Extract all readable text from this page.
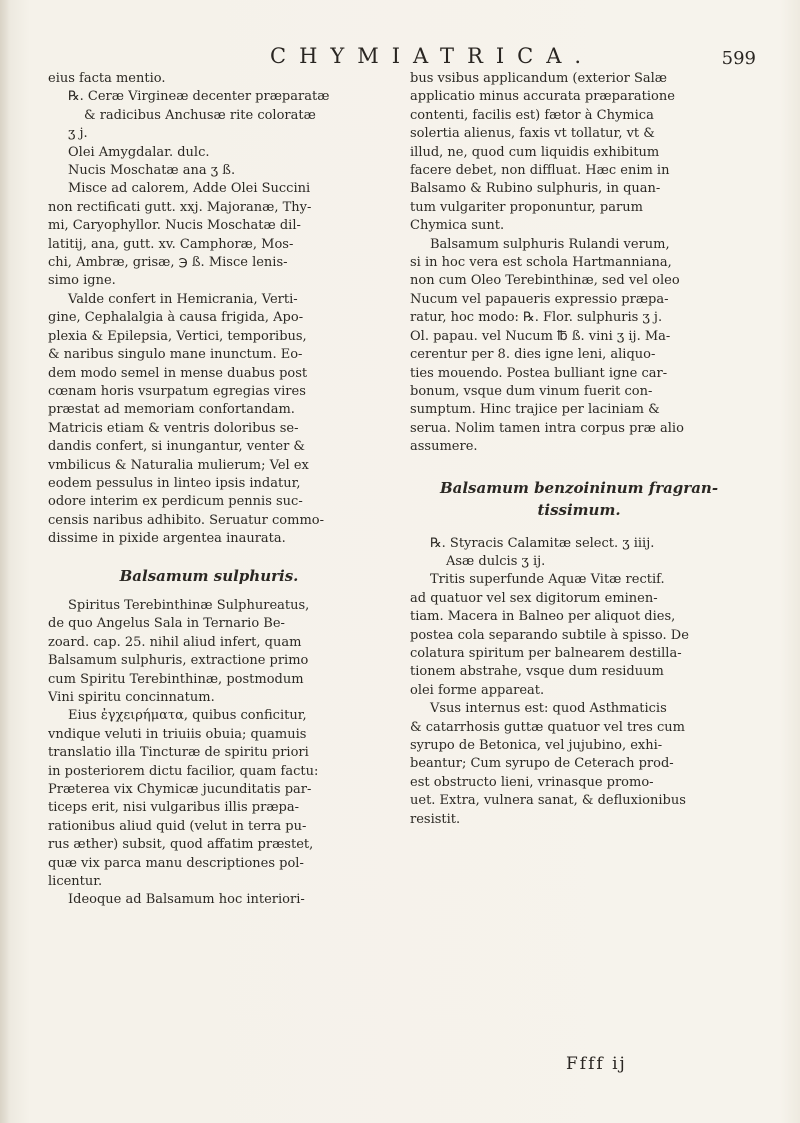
CHYMIATRICA.	599
eius facta mentio.
℞. Ceræ Virgineæ decenter præparatæ
& radicibus Anchusæ rite coloratæ
ʒ j.
Olei Amygdalar. dulc.
Nucis Moschatæ ana ʒ ß.
Misce ad calorem, Adde Olei Succini
non rectificati gutt. xxj. Majoranæ, Thy-
mi, Caryophyllor. Nucis Moschatæ dil-
latitij, ana, gutt. xv. Camphoræ, Mos-
chi, Ambræ, grisæ, ℈ ß. Misce lenis-
simo igne.
Valde confert in Hemicrania, Verti-
gine, Cephalalgia à causa frigida, Apo-
plexia & Epilepsia, Vertici, temporibus,
& naribus singulo mane inunctum. Eo-
dem modo semel in mense duabus post
cœnam horis vsurpatum egregias vires
præstat ad memoriam confortandam.
Matricis etiam & ventris doloribus se-
dandis confert, si inungantur, venter &
vmbilicus & Naturalia mulierum; Vel ex
eodem pessulus in linteo ipsis indatur,
odore interim ex perdicum pennis suc-
censis naribus adhibito. Seruatur commo-
dissime in pixide argentea inaurata.
Balsamum sulphuris.
Spiritus Terebinthinæ Sulphureatus,
de quo Angelus Sala in Ternario Be-
zoard. cap. 25. nihil aliud infert, quam
Balsamum sulphuris, extractione primo
cum Spiritu Terebinthinæ, postmodum
Vini spiritu concinnatum.
Eius ἐγχειρήματα, quibus conficitur,
vndique veluti in triuiis obuia; quamuis
translatio illa Tincturæ de spiritu priori
in posteriorem dictu facilior, quam factu:
Præterea vix Chymicæ jucunditatis par-
ticeps erit, nisi vulgaribus illis præpa-
rationibus aliud quid (velut in terra pu-
rus æther) subsit, quod affatim præstet,
quæ vix parca manu descriptiones pol-
licentur.
Ideoque ad Balsamum hoc interiori-
bus vsibus applicandum (exterior Salæ
applicatio minus accurata præparatione
contenti, facilis est) fætor à Chymica
solertia alienus, faxis vt tollatur, vt &
illud, ne, quod cum liquidis exhibitum
facere debet, non diffluat. Hæc enim in
Balsamo & Rubino sulphuris, in quan-
tum vulgariter proponuntur, parum
Chymica sunt.
Balsamum sulphuris Rulandi verum,
si in hoc vera est schola Hartmanniana,
non cum Oleo Terebinthinæ, sed vel oleo
Nucum vel papaueris expressio præpa-
ratur, hoc modo: ℞. Flor. sulphuris ʒ j.
Ol. papau. vel Nucum ℔ ß. vini ʒ ij. Ma-
cerentur per 8. dies igne leni, aliquo-
ties mouendo. Postea bulliant igne car-
bonum, vsque dum vinum fuerit con-
sumptum. Hinc trajice per laciniam &
serua. Nolim tamen intra corpus præ alio
assumere.
Balsamum benzoininum fragran-
tissimum.
℞. Styracis Calamitæ select. ʒ iiij.
Asæ dulcis ʒ ij.
Tritis superfunde Aquæ Vitæ rectif.
ad quatuor vel sex digitorum eminen-
tiam. Macera in Balneo per aliquot dies,
postea cola separando subtile à spisso. De
colatura spiritum per balnearem destilla-
tionem abstrahe, vsque dum residuum
olei forme appareat.
Vsus internus est: quod Asthmaticis
& catarrhosis guttæ quatuor vel tres cum
syrupo de Betonica, vel jujubino, exhi-
beantur; Cum syrupo de Ceterach prod-
est obstructo lieni, vrinasque promo-
uet. Extra, vulnera sanat, & defluxionibus
resistit.
Ffff ij
